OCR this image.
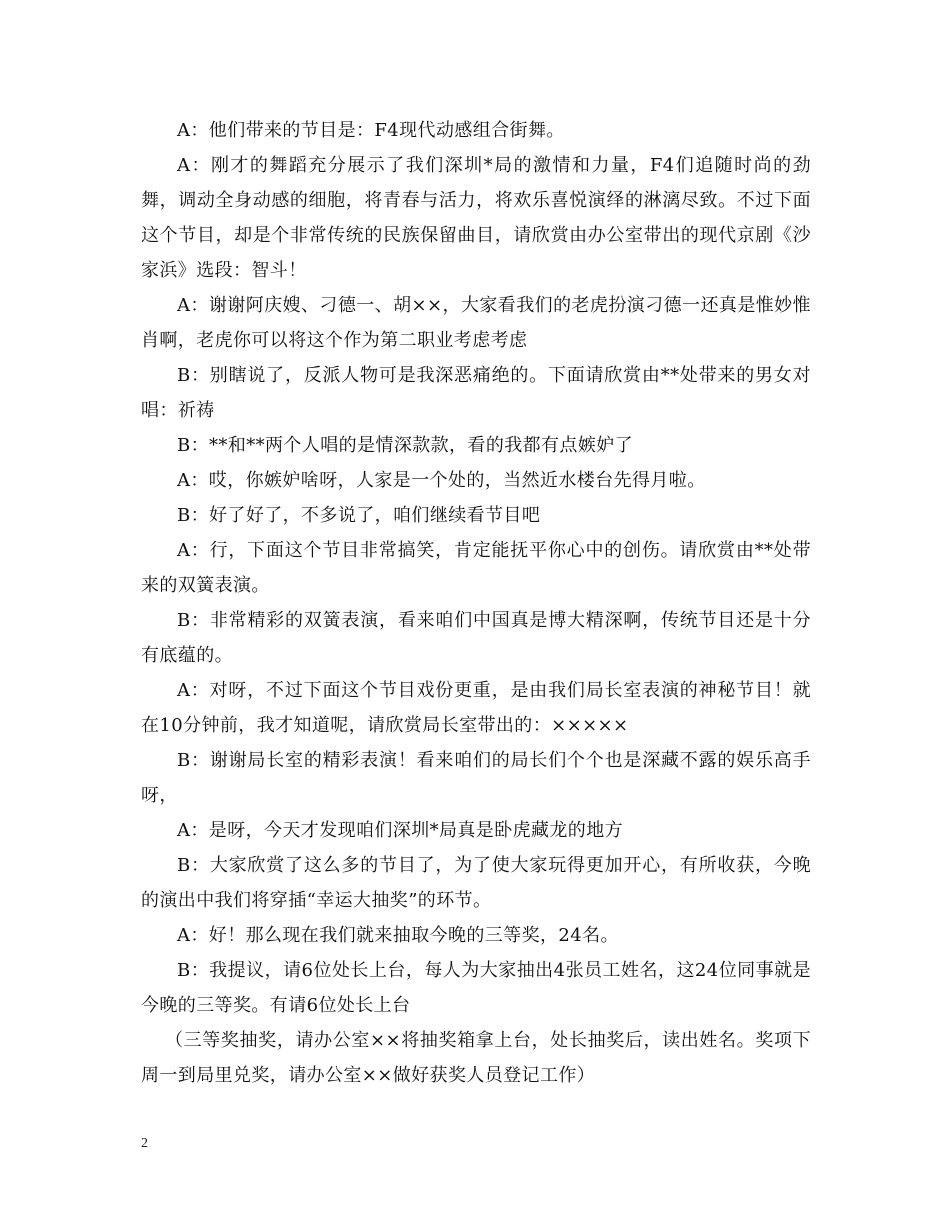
A：他们带来的节目是：F4现代动感组合街舞。

A：刚才的舞蹈充分展示了我们深圳*局的激情和力量，F4们追随时尚的劲舞，调动全身动感的细胞，将青春与活力，将欢乐喜悦演绎的淋漓尽致。不过下面这个节目，却是个非常传统的民族保留曲目，请欣赏由办公室带出的现代京剧《沙家浜》选段：智斗！

A：谢谢阿庆嫂、刁德一、胡××，大家看我们的老虎扮演刁德一还真是惟妙惟肖啊，老虎你可以将这个作为第二职业考虑考虑

B：别瞎说了，反派人物可是我深恶痛绝的。下面请欣赏由**处带来的男女对唱：祈祷

B：**和**两个人唱的是情深款款，看的我都有点嫉妒了

A：哎，你嫉妒啥呀，人家是一个处的，当然近水楼台先得月啦。

B：好了好了，不多说了，咱们继续看节目吧

A：行，下面这个节目非常搞笑，肯定能抚平你心中的创伤。请欣赏由**处带来的双簧表演。

B：非常精彩的双簧表演，看来咱们中国真是博大精深啊，传统节目还是十分有底蕴的。

A：对呀，不过下面这个节目戏份更重，是由我们局长室表演的神秘节目！就在10分钟前，我才知道呢，请欣赏局长室带出的：×××××

B：谢谢局长室的精彩表演！看来咱们的局长们个个也是深藏不露的娱乐高手呀，

A：是呀，今天才发现咱们深圳*局真是卧虎藏龙的地方

B：大家欣赏了这么多的节目了，为了使大家玩得更加开心，有所收获，今晚的演出中我们将穿插“幸运大抽奖”的环节。

A：好！那么现在我们就来抽取今晚的三等奖，24名。

B：我提议，请6位处长上台，每人为大家抽出4张员工姓名，这24位同事就是今晚的三等奖。有请6位处长上台

（三等奖抽奖，请办公室××将抽奖箱拿上台，处长抽奖后，读出姓名。奖项下周一到局里兑奖，请办公室××做好获奖人员登记工作）

2
